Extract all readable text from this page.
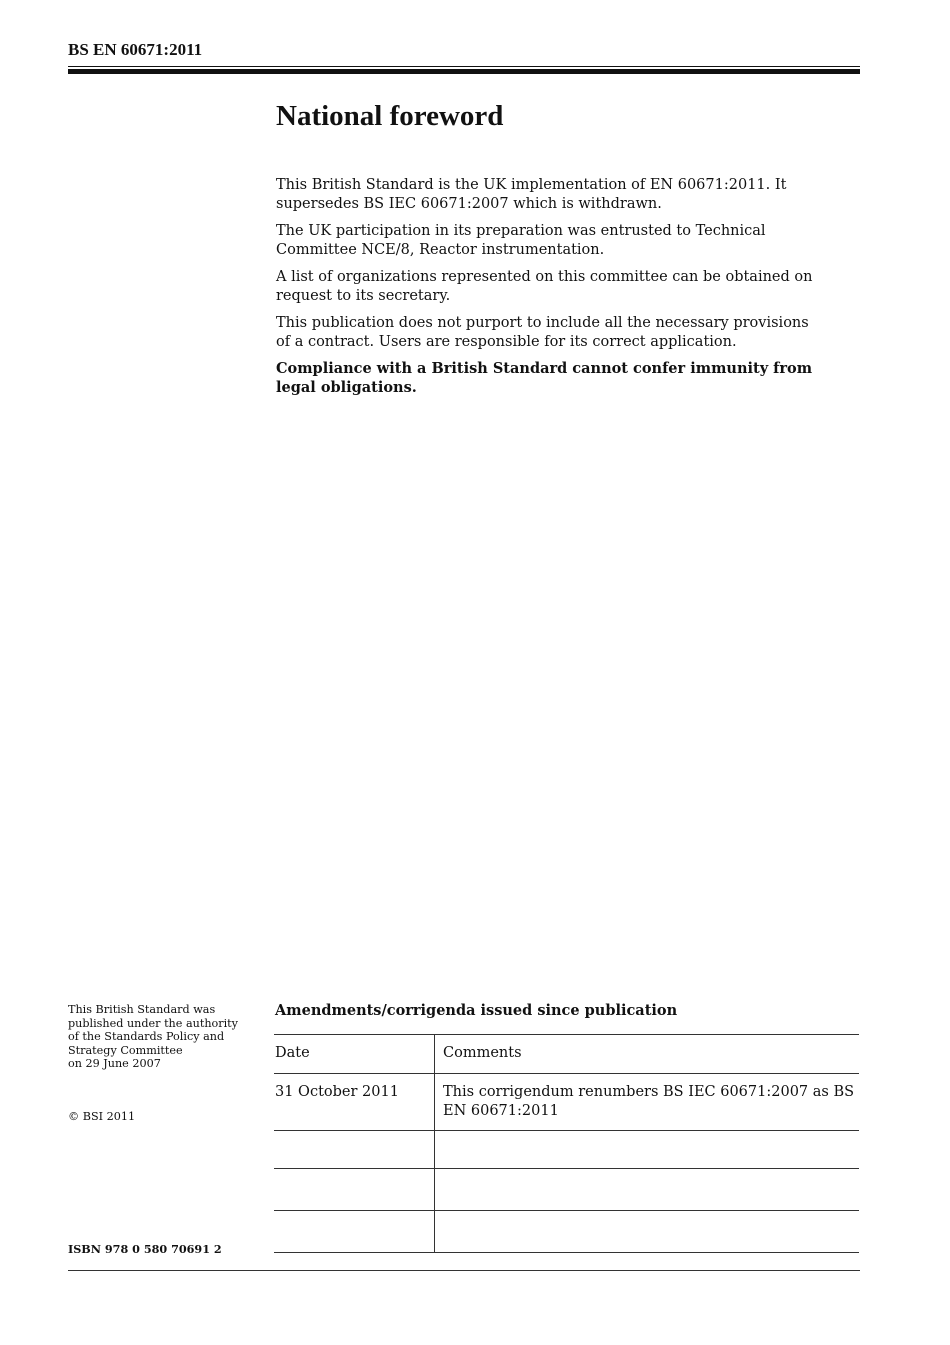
BS EN 60671:2011
National foreword

This British Standard is the UK implementation of EN 60671:2011. It supersedes BS IEC 60671:2007 which is withdrawn.

The UK participation in its preparation was entrusted to Technical Committee NCE/8, Reactor instrumentation.

A list of organizations represented on this committee can be obtained on request to its secretary.

This publication does not purport to include all the necessary provisions of a contract. Users are responsible for its correct application.

Compliance with a British Standard cannot confer immunity from legal obligations.

This British Standard was
published under the authority
of the Standards Policy and
Strategy Committee
on 29 June 2007
© BSI 2011
ISBN 978 0 580 70691 2
Amendments/corrigenda issued since publication
Date	Comments
31 October 2011	This corrigendum renumbers BS IEC 60671:2007 as BS EN 60671:2011
